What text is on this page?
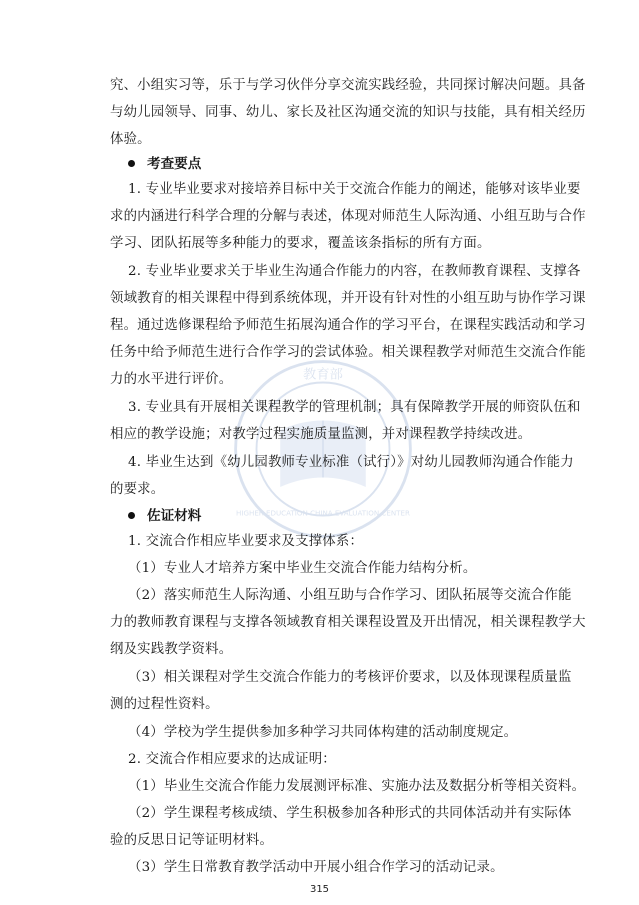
教育部
HIGHER EDUCATION CHINA EVALUATION CENTER
究、小组实习等，乐于与学习伙伴分享交流实践经验，共同探讨解决问题。具备
与幼儿园领导、同事、幼儿、家长及社区沟通交流的知识与技能，具有相关经历
体验。
考查要点
1. 专业毕业要求对接培养目标中关于交流合作能力的阐述，能够对该毕业要
求的内涵进行科学合理的分解与表述，体现对师范生人际沟通、小组互助与合作
学习、团队拓展等多种能力的要求，覆盖该条指标的所有方面。
2. 专业毕业要求关于毕业生沟通合作能力的内容，在教师教育课程、支撑各
领域教育的相关课程中得到系统体现，并开设有针对性的小组互助与协作学习课
程。通过选修课程给予师范生拓展沟通合作的学习平台，在课程实践活动和学习
任务中给予师范生进行合作学习的尝试体验。相关课程教学对师范生交流合作能
力的水平进行评价。
3. 专业具有开展相关课程教学的管理机制；具有保障教学开展的师资队伍和
相应的教学设施；对教学过程实施质量监测，并对课程教学持续改进。
4. 毕业生达到《幼儿园教师专业标准（试行）》对幼儿园教师沟通合作能力
的要求。
佐证材料
1. 交流合作相应毕业要求及支撑体系：
（1）专业人才培养方案中毕业生交流合作能力结构分析。
（2）落实师范生人际沟通、小组互助与合作学习、团队拓展等交流合作能
力的教师教育课程与支撑各领域教育相关课程设置及开出情况，相关课程教学大
纲及实践教学资料。
（3）相关课程对学生交流合作能力的考核评价要求，以及体现课程质量监
测的过程性资料。
（4）学校为学生提供参加多种学习共同体构建的活动制度规定。
2. 交流合作相应要求的达成证明：
（1）毕业生交流合作能力发展测评标准、实施办法及数据分析等相关资料。
（2）学生课程考核成绩、学生积极参加各种形式的共同体活动并有实际体
验的反思日记等证明材料。
（3）学生日常教育教学活动中开展小组合作学习的活动记录。
315
